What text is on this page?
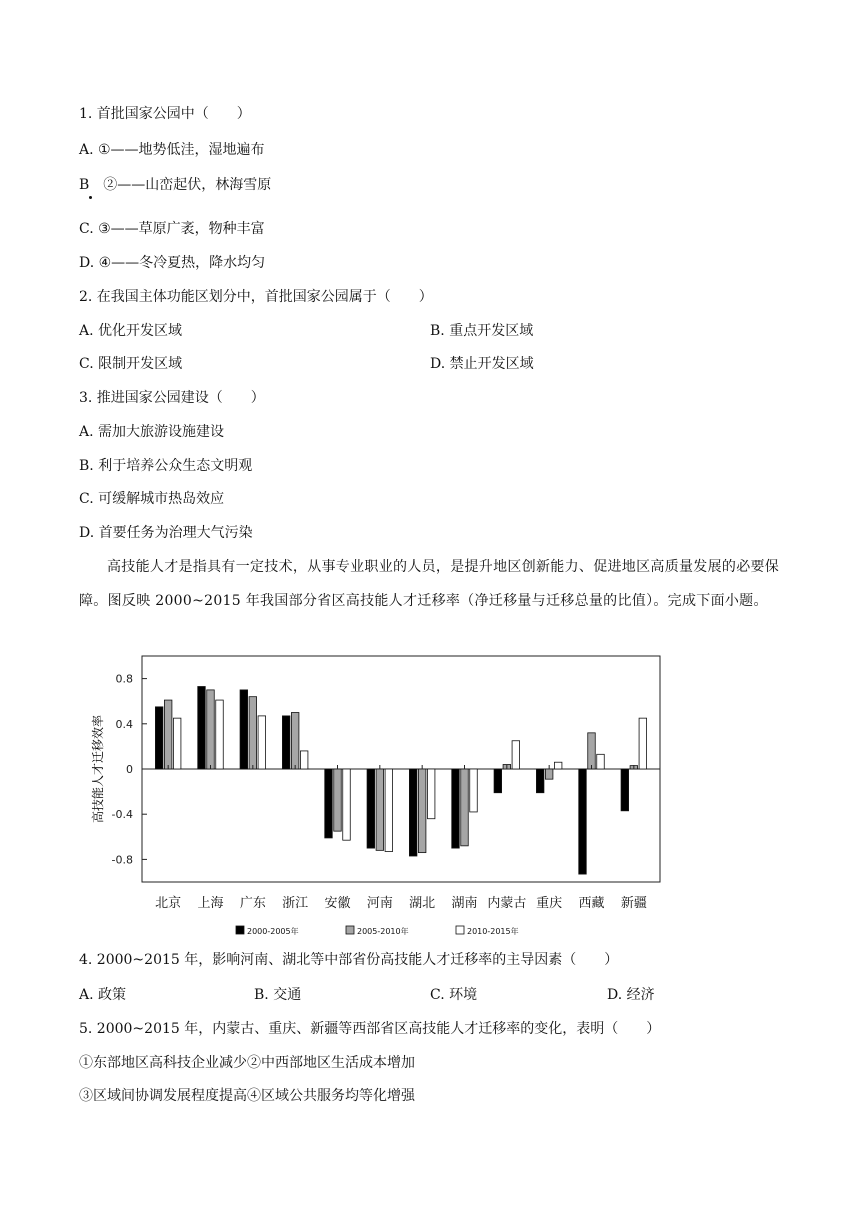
1. 首批国家公园中（　　）
A. ①——地势低洼，湿地遍布
B　②——山峦起伏，林海雪原
C. ③——草原广袤，物种丰富
D. ④——冬冷夏热，降水均匀
2. 在我国主体功能区划分中，首批国家公园属于（　　）
A. 优化开发区域	B. 重点开发区域
C. 限制开发区域	D. 禁止开发区域
3. 推进国家公园建设（　　）
A. 需加大旅游设施建设
B. 利于培养公众生态文明观
C. 可缓解城市热岛效应
D. 首要任务为治理大气污染
高技能人才是指具有一定技术，从事专业职业的人员，是提升地区创新能力、促进地区高质量发展的必要保障。图反映 2000~2015 年我国部分省区高技能人才迁移率（净迁移量与迁移总量的比值）。完成下面小题。
高技能人才迁移效率
0.8
0.4
0
-0.4
-0.8
北京 上海 广东 浙江 安徽 河南 湖北 湖南 内蒙古 重庆 西藏 新疆
2000-2005年	2005-2010年	2010-2015年
4. 2000~2015 年，影响河南、湖北等中部省份高技能人才迁移率的主导因素（　　）
A. 政策	B. 交通	C. 环境	D. 经济
5. 2000~2015 年，内蒙古、重庆、新疆等西部省区高技能人才迁移率的变化，表明（　　）
①东部地区高科技企业减少②中西部地区生活成本增加
③区域间协调发展程度提高④区域公共服务均等化增强
